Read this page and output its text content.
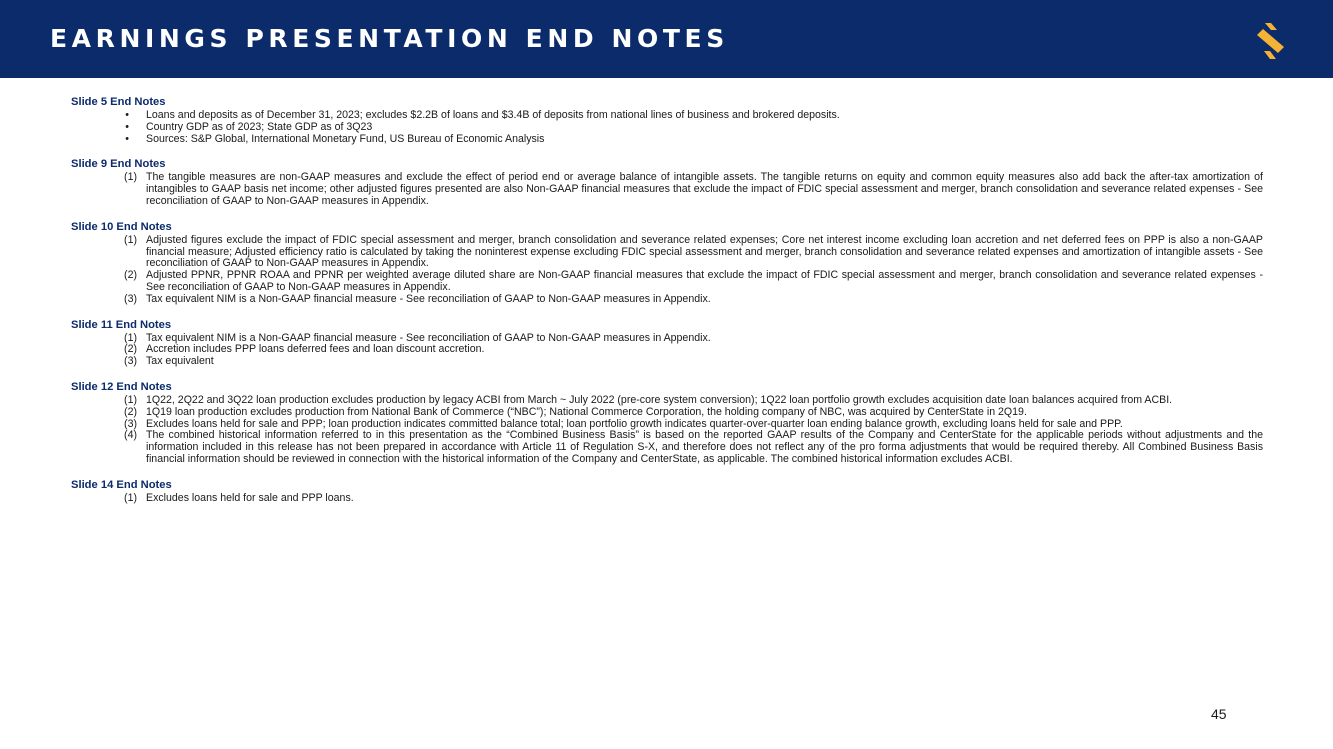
EARNINGS PRESENTATION END NOTES
Slide 5 End Notes
•	Loans and deposits as of December 31, 2023; excludes $2.2B of loans and $3.4B of deposits from national lines of business and brokered deposits.
•	Country GDP as of 2023; State GDP as of 3Q23
•	Sources: S&P Global, International Monetary Fund, US Bureau of Economic Analysis
Slide 9 End Notes
(1) The tangible measures are non-GAAP measures and exclude the effect of period end or average balance of intangible assets. The tangible returns on equity and common equity measures also add back the after-tax amortization of intangibles to GAAP basis net income; other adjusted figures presented are also Non-GAAP financial measures that exclude the impact of FDIC special assessment and merger, branch consolidation and severance related expenses - See reconciliation of GAAP to Non-GAAP measures in Appendix.
Slide 10 End Notes
(1) Adjusted figures exclude the impact of FDIC special assessment and merger, branch consolidation and severance related expenses; Core net interest income excluding loan accretion and net deferred fees on PPP is also a non-GAAP financial measure; Adjusted efficiency ratio is calculated by taking the noninterest expense excluding FDIC special assessment and merger, branch consolidation and severance related expenses and amortization of intangible assets - See reconciliation of GAAP to Non-GAAP measures in Appendix.
(2) Adjusted PPNR, PPNR ROAA and PPNR per weighted average diluted share are Non-GAAP financial measures that exclude the impact of FDIC special assessment and merger, branch consolidation and severance related expenses - See reconciliation of GAAP to Non-GAAP measures in Appendix.
(3) Tax equivalent NIM is a Non-GAAP financial measure - See reconciliation of GAAP to Non-GAAP measures in Appendix.
Slide 11 End Notes
(1) Tax equivalent NIM is a Non-GAAP financial measure - See reconciliation of GAAP to Non-GAAP measures in Appendix.
(2) Accretion includes PPP loans deferred fees and loan discount accretion.
(3) Tax equivalent
Slide 12 End Notes
(1) 1Q22, 2Q22 and 3Q22 loan production excludes production by legacy ACBI from March ~ July 2022 (pre-core system conversion); 1Q22 loan portfolio growth excludes acquisition date loan balances acquired from ACBI.
(2) 1Q19 loan production excludes production from National Bank of Commerce (“NBC”); National Commerce Corporation, the holding company of NBC, was acquired by CenterState in 2Q19.
(3) Excludes loans held for sale and PPP; loan production indicates committed balance total; loan portfolio growth indicates quarter-over-quarter loan ending balance growth, excluding loans held for sale and PPP.
(4) The combined historical information referred to in this presentation as the “Combined Business Basis” is based on the reported GAAP results of the Company and CenterState for the applicable periods without adjustments and the information included in this release has not been prepared in accordance with Article 11 of Regulation S-X, and therefore does not reflect any of the pro forma adjustments that would be required thereby. All Combined Business Basis financial information should be reviewed in connection with the historical information of the Company and CenterState, as applicable. The combined historical information excludes ACBI.
Slide 14 End Notes
(1) Excludes loans held for sale and PPP loans.
45
